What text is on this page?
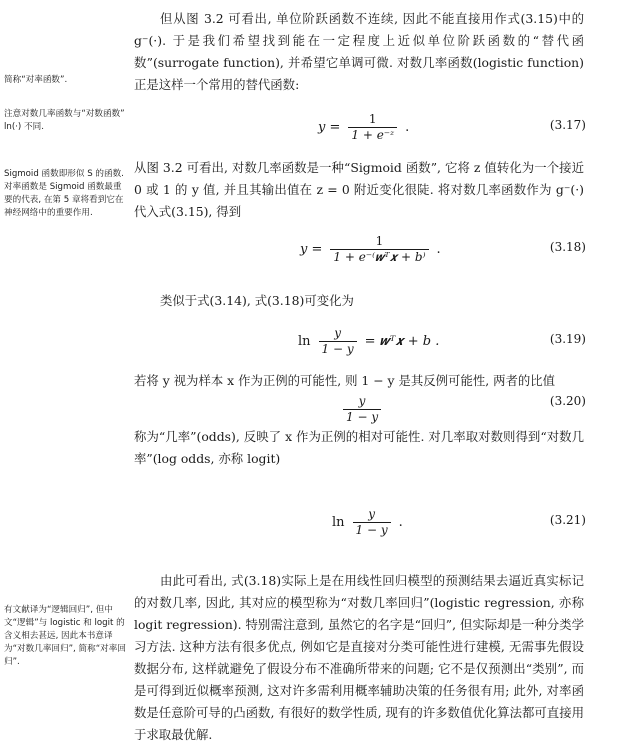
简称“对率函数”.
注意对数几率函数与“对数函数” ln(·) 不同.
Sigmoid 函数即形似 S 的函数. 对率函数是 Sigmoid 函数最重要的代表, 在第 5 章将看到它在神经网络中的重要作用.
有文献译为“逻辑回归”, 但中文“逻辑”与 logistic 和 logit 的含义相去甚远, 因此本书意译为“对数几率回归”, 简称“对率回归”.
但从图 3.2 可看出, 单位阶跃函数不连续, 因此不能直接用作式(3.15)中的 g⁻(·). 于是我们希望找到能在一定程度上近似单位阶跃函数的“替代函数”(surrogate function), 并希望它单调可微. 对数几率函数(logistic function)正是这样一个常用的替代函数:
$y = \frac{1}{\text{1 + e⁻ᶻ}}$ .	(3.17)
从图 3.2 可看出, 对数几率函数是一种“Sigmoid 函数”, 它将 z 值转化为一个接近 0 或 1 的 y 值, 并且其输出值在 z = 0 附近变化很陡. 将对数几率函数作为 g⁻(·) 代入式(3.15), 得到
$y = \frac{1}{\text{1 + e⁻⁽𝒘ᵀ𝒙 + b⁾}}$ .	(3.18)
类似于式(3.14), 式(3.18)可变化为
$\ln \frac{y}{1 - y}$ = 𝒘ᵀ𝒙 + b .	(3.19)
若将 y 视为样本 x 作为正例的可能性, 则 1 − y 是其反例可能性, 两者的比值
$\frac{y}{1 - y}$	(3.20)
称为“几率”(odds), 反映了 x 作为正例的相对可能性. 对几率取对数则得到“对数几率”(log odds, 亦称 logit)
$\ln \frac{y}{1 - y}$ .	(3.21)
由此可看出, 式(3.18)实际上是在用线性回归模型的预测结果去逼近真实标记的对数几率, 因此, 其对应的模型称为“对数几率回归”(logistic regression, 亦称 logit regression). 特别需注意到, 虽然它的名字是“回归”, 但实际却是一种分类学习方法. 这种方法有很多优点, 例如它是直接对分类可能性进行建模, 无需事先假设数据分布, 这样就避免了假设分布不准确所带来的问题; 它不是仅预测出“类别”, 而是可得到近似概率预测, 这对许多需利用概率辅助决策的任务很有用; 此外, 对率函数是任意阶可导的凸函数, 有很好的数学性质, 现有的许多数值优化算法都可直接用于求取最优解.
